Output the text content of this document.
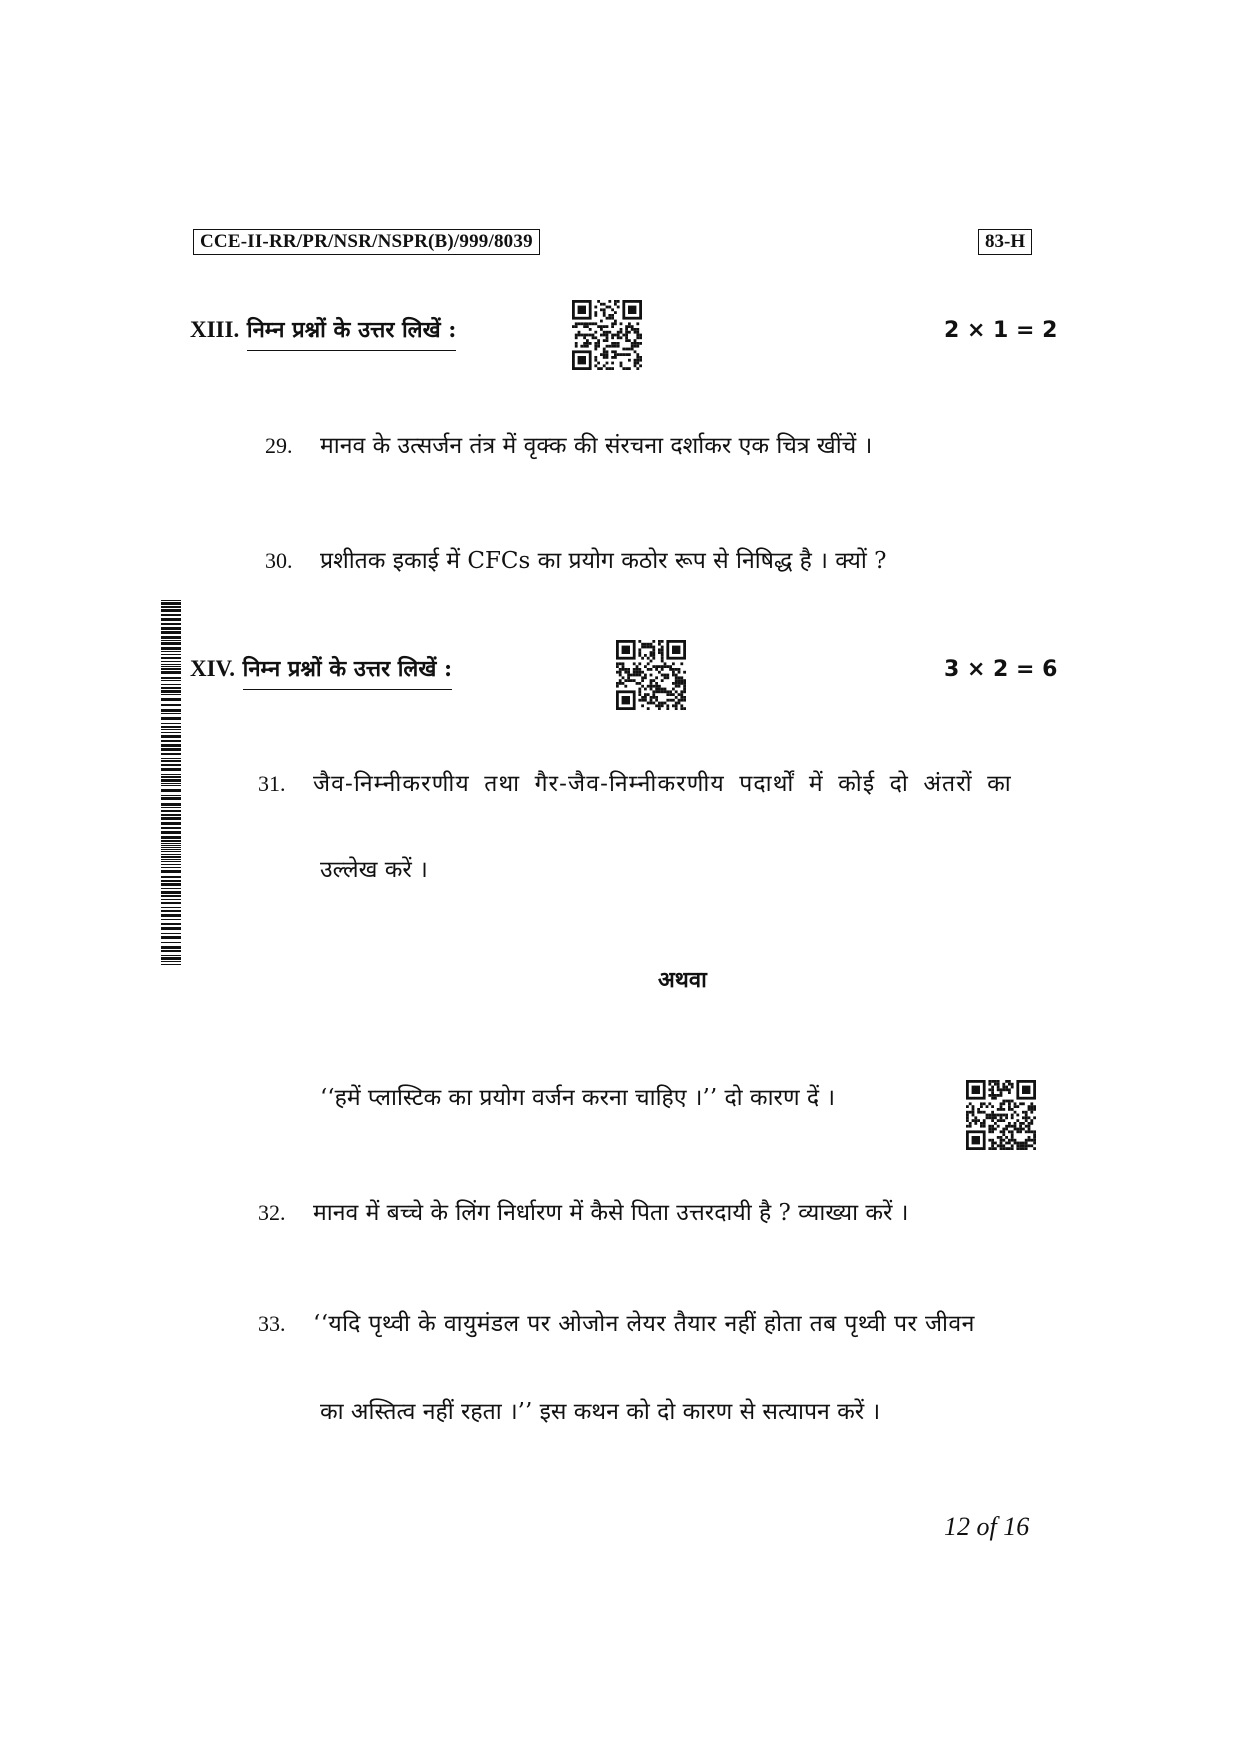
CCE-II-RR/PR/NSR/NSPR(B)/999/8039	83-H
XIII. निम्न प्रश्नों के उत्तर लिखें :	2 × 1 = 2
29. मानव के उत्सर्जन तंत्र में वृक्क की संरचना दर्शाकर एक चित्र खींचें ।
30. प्रशीतक इकाई में CFCs का प्रयोग कठोर रूप से निषिद्ध है । क्यों ?
XIV. निम्न प्रश्नों के उत्तर लिखें :	3 × 2 = 6
31. जैव-निम्नीकरणीय तथा गैर-जैव-निम्नीकरणीय पदार्थों में कोई दो अंतरों का
उल्लेख करें ।
अथवा
‘‘हमें प्लास्टिक का प्रयोग वर्जन करना चाहिए ।’’ दो कारण दें ।
32. मानव में बच्चे के लिंग निर्धारण में कैसे पिता उत्तरदायी है ? व्याख्या करें ।
33. ‘‘यदि पृथ्वी के वायुमंडल पर ओजोन लेयर तैयार नहीं होता तब पृथ्वी पर जीवन
का अस्तित्व नहीं रहता ।’’ इस कथन को दो कारण से सत्यापन करें ।
12 of 16
